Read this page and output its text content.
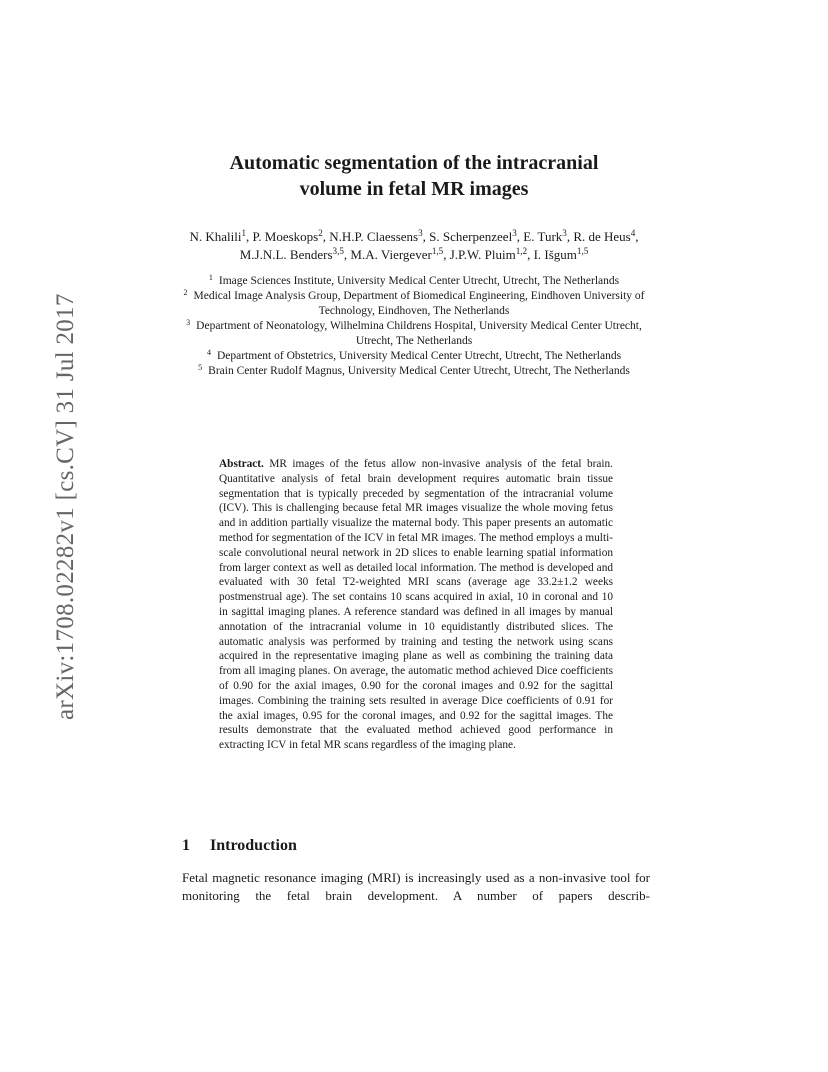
arXiv:1708.02282v1 [cs.CV] 31 Jul 2017
Automatic segmentation of the intracranial
volume in fetal MR images
N. Khalili$^1$, P. Moeskops$^2$, N.H.P. Claessens$^3$, S. Scherpenzeel$^3$, E. Turk$^3$, R. de Heus$^4$, M.J.N.L. Benders$^{3,5}$, M.A. Viergever$^{1,5}$, J.P.W. Pluim$^{1,2}$, I. Išgum$^{1,5}$

$^1$ Image Sciences Institute, University Medical Center Utrecht, Utrecht, The Netherlands

$^2$ Medical Image Analysis Group, Department of Biomedical Engineering, Eindhoven University of Technology, Eindhoven, The Netherlands

$^3$ Department of Neonatology, Wilhelmina Childrens Hospital, University Medical Center Utrecht, Utrecht, The Netherlands

$^4$ Department of Obstetrics, University Medical Center Utrecht, Utrecht, The Netherlands

$^5$ Brain Center Rudolf Magnus, University Medical Center Utrecht, Utrecht, The Netherlands

Abstract. MR images of the fetus allow non-invasive analysis of the fetal brain. Quantitative analysis of fetal brain development requires automatic brain tissue segmentation that is typically preceded by segmentation of the intracranial volume (ICV). This is challenging because fetal MR images visualize the whole moving fetus and in addition partially visualize the maternal body. This paper presents an automatic method for segmentation of the ICV in fetal MR images. The method employs a multi-scale convolutional neural network in 2D slices to enable learning spatial information from larger context as well as detailed local information. The method is developed and evaluated with 30 fetal T2-weighted MRI scans (average age 33.2±1.2 weeks postmenstrual age). The set contains 10 scans acquired in axial, 10 in coronal and 10 in sagittal imaging planes. A reference standard was defined in all images by manual annotation of the intracranial volume in 10 equidistantly distributed slices. The automatic analysis was performed by training and testing the network using scans acquired in the representative imaging plane as well as combining the training data from all imaging planes. On average, the automatic method achieved Dice coefficients of 0.90 for the axial images, 0.90 for the coronal images and 0.92 for the sagittal images. Combining the training sets resulted in average Dice coefficients of 0.91 for the axial images, 0.95 for the coronal images, and 0.92 for the sagittal images. The results demonstrate that the evaluated method achieved good performance in extracting ICV in fetal MR scans regardless of the imaging plane.

1 Introduction

Fetal magnetic resonance imaging (MRI) is increasingly used as a non-invasive tool for monitoring the fetal brain development. A number of papers describ-
